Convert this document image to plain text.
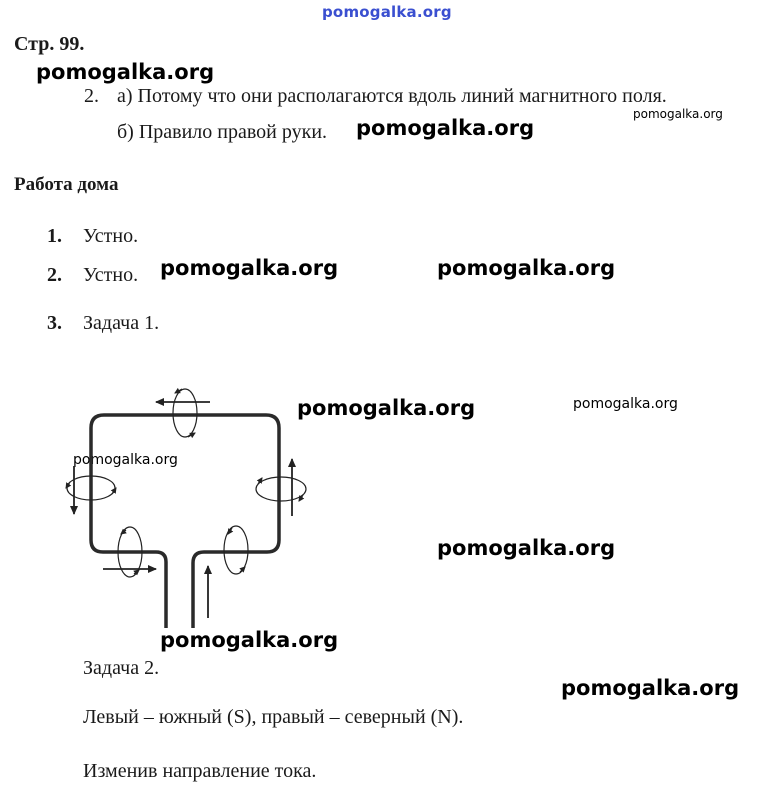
pomogalka.org
pomogalka.org
pomogalka.org
pomogalka.org
pomogalka.org	pomogalka.org
pomogalka.org	pomogalka.org
pomogalka.org
pomogalka.org
pomogalka.org
pomogalka.org
Стр. 99.
2. а) Потому что они располагаются вдоль линий магнитного поля.
б) Правило правой руки.
Работа дома
1. Устно.
2. Устно.
3. Задача 1.
Задача 2.
Левый – южный (S), правый – северный (N).
Изменив направление тока.
